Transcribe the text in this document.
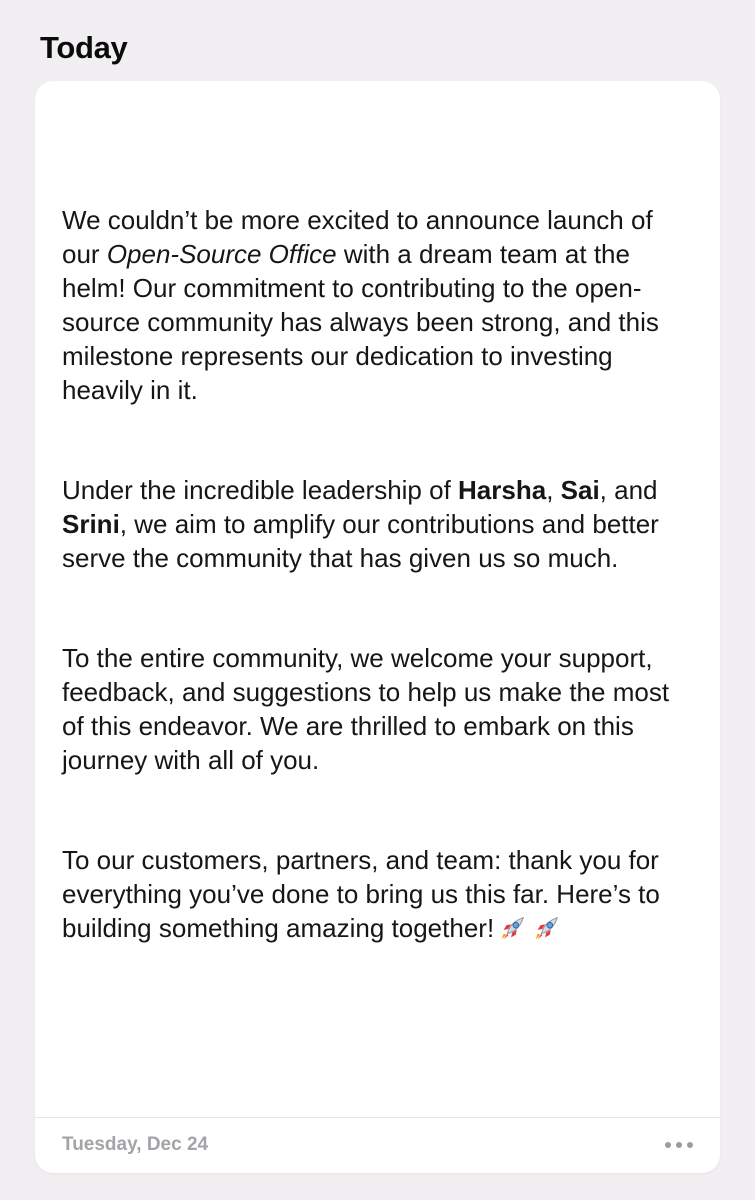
Today

We couldn’t be more excited to announce launch of our Open-Source Office with a dream team at the helm! Our commitment to contributing to the open-source community has always been strong, and this milestone represents our dedication to investing heavily in it.

Under the incredible leadership of Harsha, Sai, and Srini, we aim to amplify our contributions and better serve the community that has given us so much.

To the entire community, we welcome your support, feedback, and suggestions to help us make the most of this endeavor. We are thrilled to embark on this journey with all of you.

To our customers, partners, and team: thank you for everything you’ve done to bring us this far. Here’s to building something amazing together!

Tuesday, Dec 24
